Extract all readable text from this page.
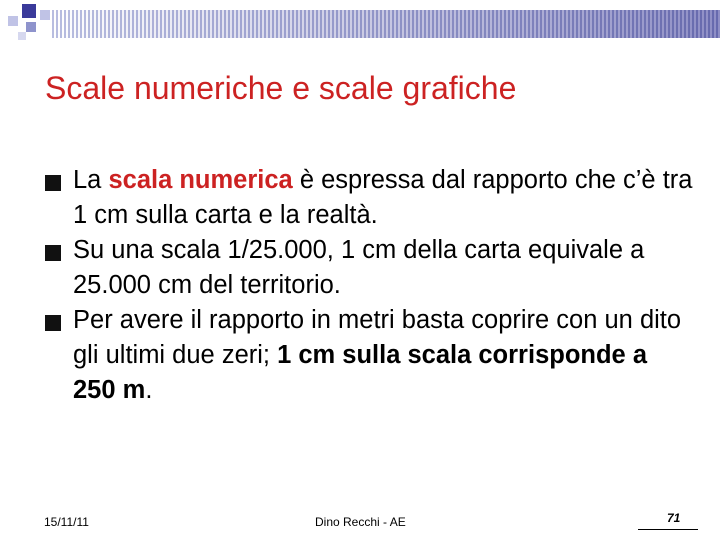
Scale numeriche e scale grafiche
La scala numerica è espressa dal rapporto che c’è tra 1 cm sulla carta e la realtà.
Su una scala 1/25.000, 1 cm della carta equivale a 25.000 cm del territorio.
Per avere il rapporto in metri basta coprire con un dito gli ultimi due zeri; 1 cm sulla scala corrisponde a 250 m.
15/11/11	Dino Recchi - AE	71
